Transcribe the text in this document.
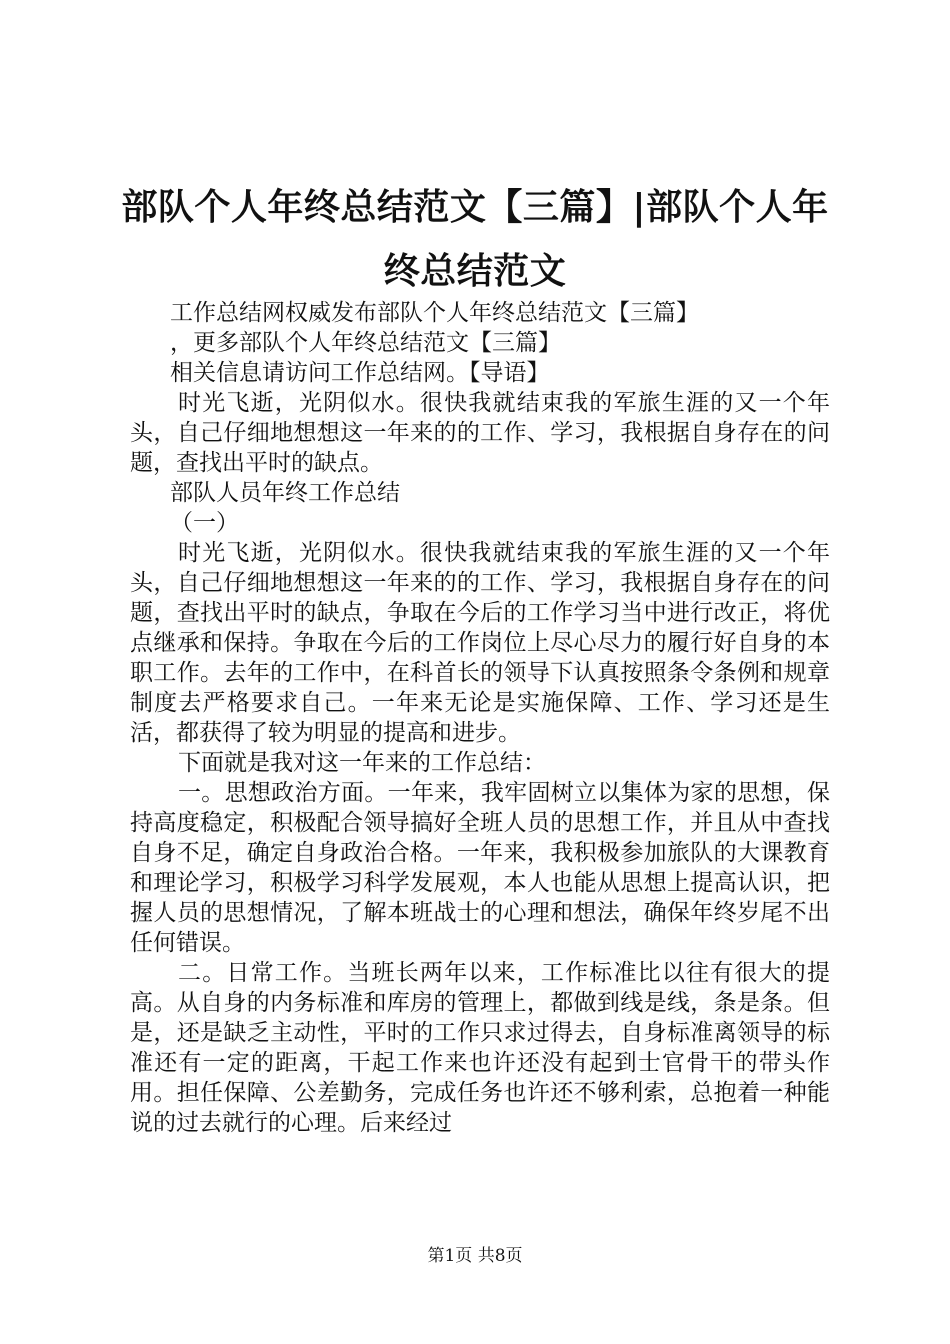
部队个人年终总结范文【三篇】|部队个人年终总结范文

工作总结网权威发布部队个人年终总结范文【三篇】

，更多部队个人年终总结范文【三篇】

相关信息请访问工作总结网。【导语】

时光飞逝，光阴似水。很快我就结束我的军旅生涯的又一个年头，自己仔细地想想这一年来的的工作、学习，我根据自身存在的问题，查找出平时的缺点。

部队人员年终工作总结

（一）

时光飞逝，光阴似水。很快我就结束我的军旅生涯的又一个年头，自己仔细地想想这一年来的的工作、学习，我根据自身存在的问题，查找出平时的缺点，争取在今后的工作学习当中进行改正，将优点继承和保持。争取在今后的工作岗位上尽心尽力的履行好自身的本职工作。去年的工作中，在科首长的领导下认真按照条令条例和规章制度去严格要求自己。一年来无论是实施保障、工作、学习还是生活，都获得了较为明显的提高和进步。

下面就是我对这一年来的工作总结：

一。思想政治方面。一年来，我牢固树立以集体为家的思想，保持高度稳定，积极配合领导搞好全班人员的思想工作，并且从中查找自身不足，确定自身政治合格。一年来，我积极参加旅队的大课教育和理论学习，积极学习科学发展观，本人也能从思想上提高认识，把握人员的思想情况，了解本班战士的心理和想法，确保年终岁尾不出任何错误。

二。日常工作。当班长两年以来，工作标准比以往有很大的提高。从自身的内务标准和库房的管理上，都做到线是线，条是条。但是，还是缺乏主动性，平时的工作只求过得去，自身标准离领导的标准还有一定的距离，干起工作来也许还没有起到士官骨干的带头作用。担任保障、公差勤务，完成任务也许还不够利索，总抱着一种能说的过去就行的心理。后来经过

第1页 共8页
